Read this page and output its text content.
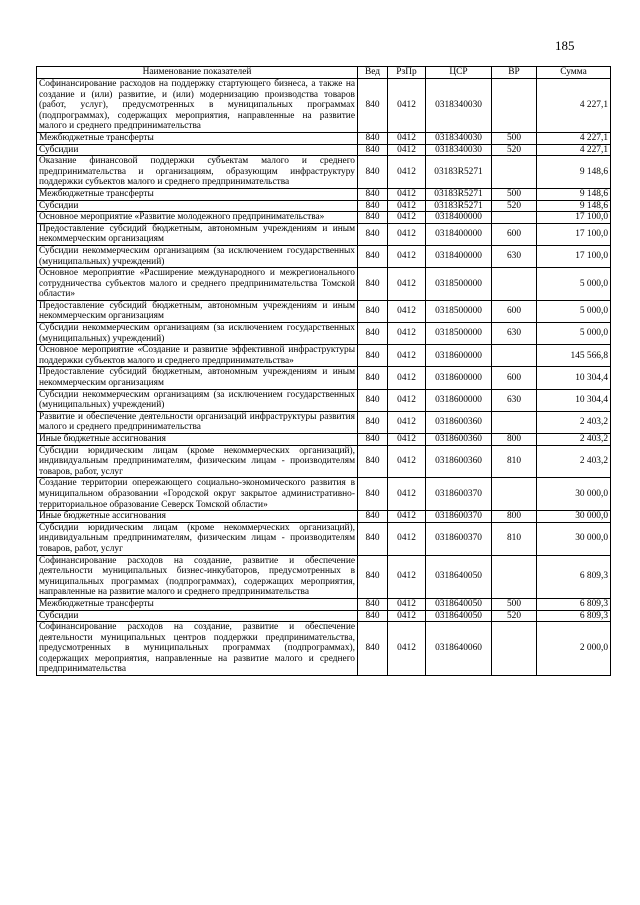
185
Наименование показателей	Вед	РзПр	ЦСР	ВР	Сумма
Софинансирование расходов на поддержку стартующего бизнеса, а также на создание и (или) развитие, и (или) модернизацию производства товаров (работ, услуг), предусмотренных в муниципальных программах (подпрограммах), содержащих мероприятия, направленные на развитие малого и среднего предпринимательства	840	0412	0318340030		4 227,1
Межбюджетные трансферты	840	0412	0318340030	500	4 227,1
Субсидии	840	0412	0318340030	520	4 227,1
Оказание финансовой поддержки субъектам малого и среднего предпринимательства и организациям, образующим инфраструктуру поддержки субъектов малого и среднего предпринимательства	840	0412	03183R5271		9 148,6
Межбюджетные трансферты	840	0412	03183R5271	500	9 148,6
Субсидии	840	0412	03183R5271	520	9 148,6
Основное мероприятие «Развитие молодежного предпринимательства»	840	0412	0318400000		17 100,0
Предоставление субсидий бюджетным, автономным учреждениям и иным некоммерческим организациям	840	0412	0318400000	600	17 100,0
Субсидии некоммерческим организациям (за исключением государственных (муниципальных) учреждений)	840	0412	0318400000	630	17 100,0
Основное мероприятие «Расширение международного и межрегионального сотрудничества субъектов малого и среднего предпринимательства Томской области»	840	0412	0318500000		5 000,0
Предоставление субсидий бюджетным, автономным учреждениям и иным некоммерческим организациям	840	0412	0318500000	600	5 000,0
Субсидии некоммерческим организациям (за исключением государственных (муниципальных) учреждений)	840	0412	0318500000	630	5 000,0
Основное мероприятие «Создание и развитие эффективной инфраструктуры поддержки субъектов малого и среднего предпринимательства»	840	0412	0318600000		145 566,8
Предоставление субсидий бюджетным, автономным учреждениям и иным некоммерческим организациям	840	0412	0318600000	600	10 304,4
Субсидии некоммерческим организациям (за исключением государственных (муниципальных) учреждений)	840	0412	0318600000	630	10 304,4
Развитие и обеспечение деятельности организаций инфраструктуры развития малого и среднего предпринимательства	840	0412	0318600360		2 403,2
Иные бюджетные ассигнования	840	0412	0318600360	800	2 403,2
Субсидии юридическим лицам (кроме некоммерческих организаций), индивидуальным предпринимателям, физическим лицам - производителям товаров, работ, услуг	840	0412	0318600360	810	2 403,2
Создание территории опережающего социально-экономического развития в муниципальном образовании «Городской округ закрытое административно-территориальное образование Северск Томской области»	840	0412	0318600370		30 000,0
Иные бюджетные ассигнования	840	0412	0318600370	800	30 000,0
Субсидии юридическим лицам (кроме некоммерческих организаций), индивидуальным предпринимателям, физическим лицам - производителям товаров, работ, услуг	840	0412	0318600370	810	30 000,0
Софинансирование расходов на создание, развитие и обеспечение деятельности муниципальных бизнес-инкубаторов, предусмотренных в муниципальных программах (подпрограммах), содержащих мероприятия, направленные на развитие малого и среднего предпринимательства	840	0412	0318640050		6 809,3
Межбюджетные трансферты	840	0412	0318640050	500	6 809,3
Субсидии	840	0412	0318640050	520	6 809,3
Софинансирование расходов на создание, развитие и обеспечение деятельности муниципальных центров поддержки предпринимательства, предусмотренных в муниципальных программах (подпрограммах), содержащих мероприятия, направленные на развитие малого и среднего предпринимательства	840	0412	0318640060		2 000,0
